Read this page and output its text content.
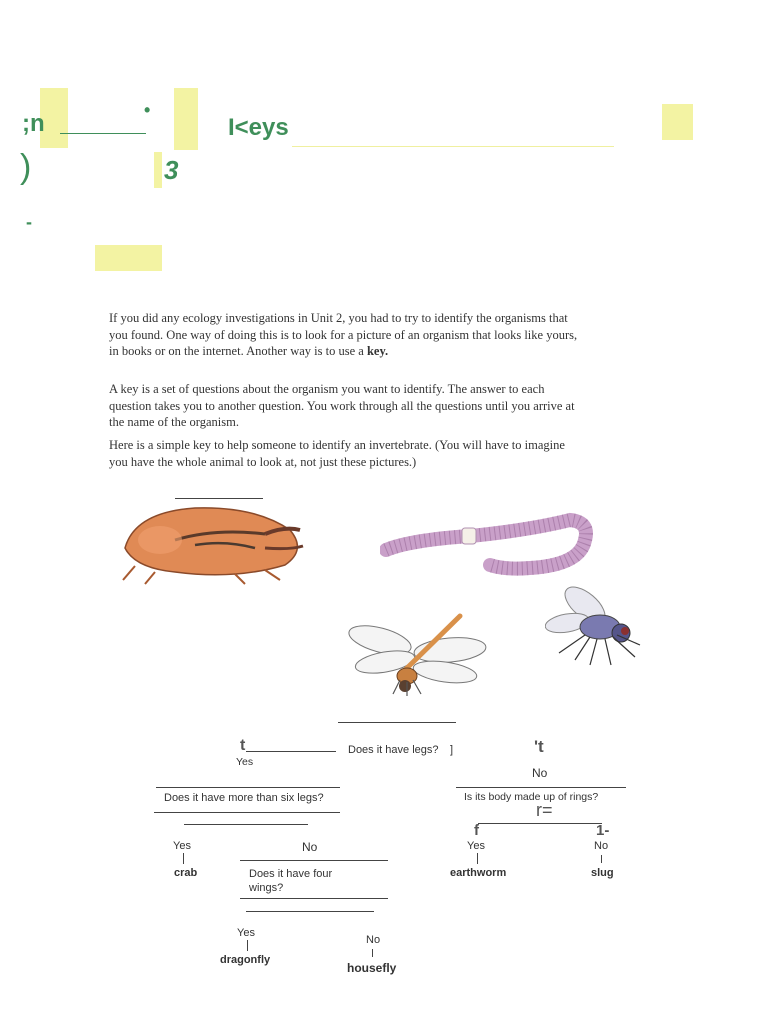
;n	•
I<eys
)	3
-

If you did any ecology investigations in Unit 2, you had to try to identify the organisms that you found. One way of doing this is to look for a picture of an organism that looks like yours, in books or on the internet. Another way is to use a key.

A key is a set of questions about the organism you want to identify. The answer to each question takes you to another question. You work through all the questions until you arrive at the name of the organism.

Here is a simple key to help someone to identify an invertebrate. (You will have to imagine you have the whole animal to look at, not just these pictures.)

t	Does it have legs? ]
Yes
't
No
Does it have more than six legs?	Is its body made up of rings?
r=
f	1-
Yes
crab
No
Does it have four wings?
Yes
earthworm
No
slug
Yes
dragonfly
No
housefly
